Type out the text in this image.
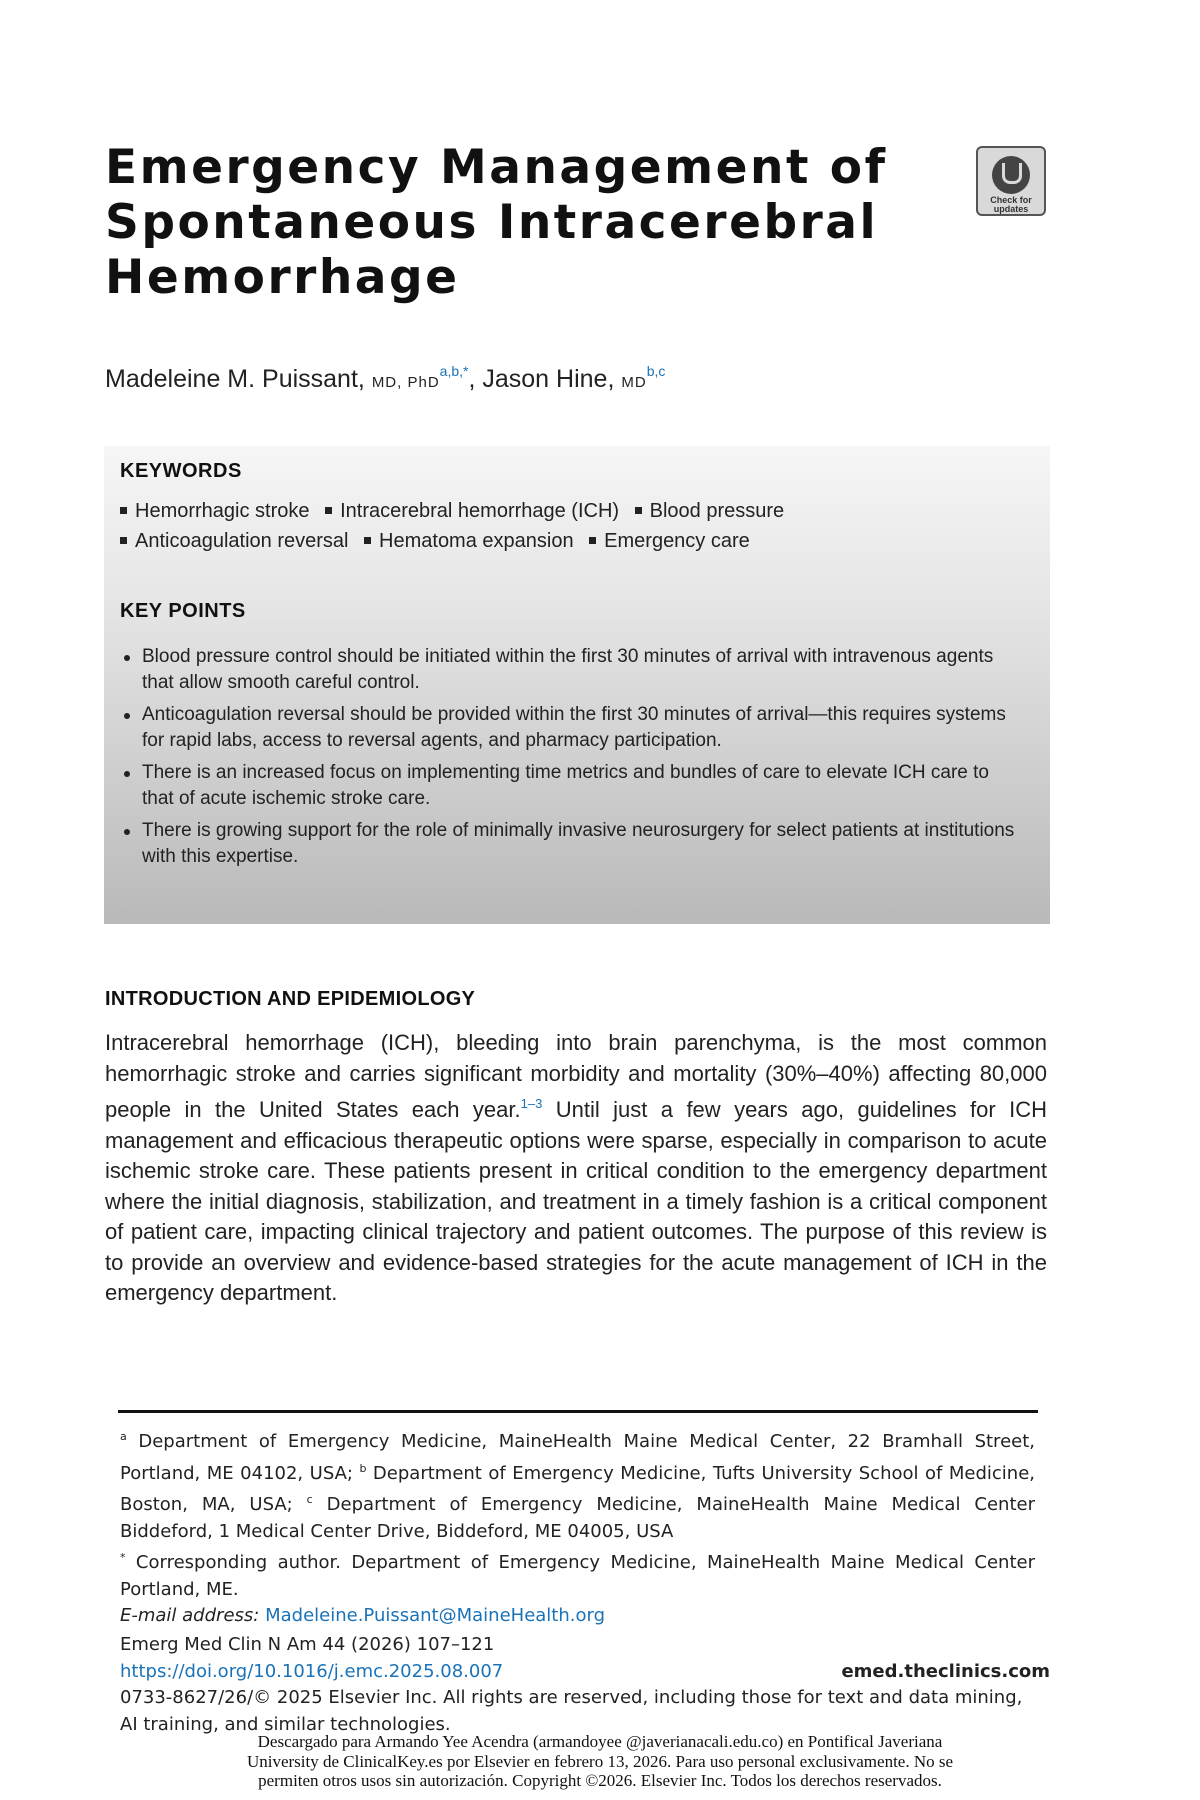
Emergency Management of
Spontaneous Intracerebral
Hemorrhage
Check for updates
Madeleine M. Puissant, MD, PhD$^{a,b,*}$, Jason Hine, MD$^{b,c}$
KEYWORDS
Hemorrhagic stroke Intracerebral hemorrhage (ICH) Blood pressure
Anticoagulation reversal Hematoma expansion Emergency care
KEY POINTS
Blood pressure control should be initiated within the first 30 minutes of arrival with intravenous agents that allow smooth careful control.
Anticoagulation reversal should be provided within the first 30 minutes of arrival—this requires systems for rapid labs, access to reversal agents, and pharmacy participation.
There is an increased focus on implementing time metrics and bundles of care to elevate ICH care to that of acute ischemic stroke care.
There is growing support for the role of minimally invasive neurosurgery for select patients at institutions with this expertise.
INTRODUCTION AND EPIDEMIOLOGY

Intracerebral hemorrhage (ICH), bleeding into brain parenchyma, is the most common hemorrhagic stroke and carries significant morbidity and mortality (30%–40%) affecting 80,000 people in the United States each year.$^{1-3}$ Until just a few years ago, guidelines for ICH management and efficacious therapeutic options were sparse, especially in comparison to acute ischemic stroke care. These patients present in critical condition to the emergency department where the initial diagnosis, stabilization, and treatment in a timely fashion is a critical component of patient care, impacting clinical trajectory and patient outcomes. The purpose of this review is to provide an overview and evidence-based strategies for the acute management of ICH in the emergency department.

$^a$ Department of Emergency Medicine, MaineHealth Maine Medical Center, 22 Bramhall Street, Portland, ME 04102, USA; $^b$ Department of Emergency Medicine, Tufts University School of Medicine, Boston, MA, USA; $^c$ Department of Emergency Medicine, MaineHealth Maine Medical Center Biddeford, 1 Medical Center Drive, Biddeford, ME 04005, USA

* Corresponding author. Department of Emergency Medicine, MaineHealth Maine Medical Center Portland, ME.

E-mail address: Madeleine.Puissant@MaineHealth.org

Emerg Med Clin N Am 44 (2026) 107–121
https://doi.org/10.1016/j.emc.2025.08.007	emed.theclinics.com
0733-8627/26/© 2025 Elsevier Inc. All rights are reserved, including those for text and data mining,
AI training, and similar technologies.
Descargado para Armando Yee Acendra (armandoyee @javerianacali.edu.co) en Pontifical Javeriana
University de ClinicalKey.es por Elsevier en febrero 13, 2026. Para uso personal exclusivamente. No se
permiten otros usos sin autorización. Copyright ©2026. Elsevier Inc. Todos los derechos reservados.
